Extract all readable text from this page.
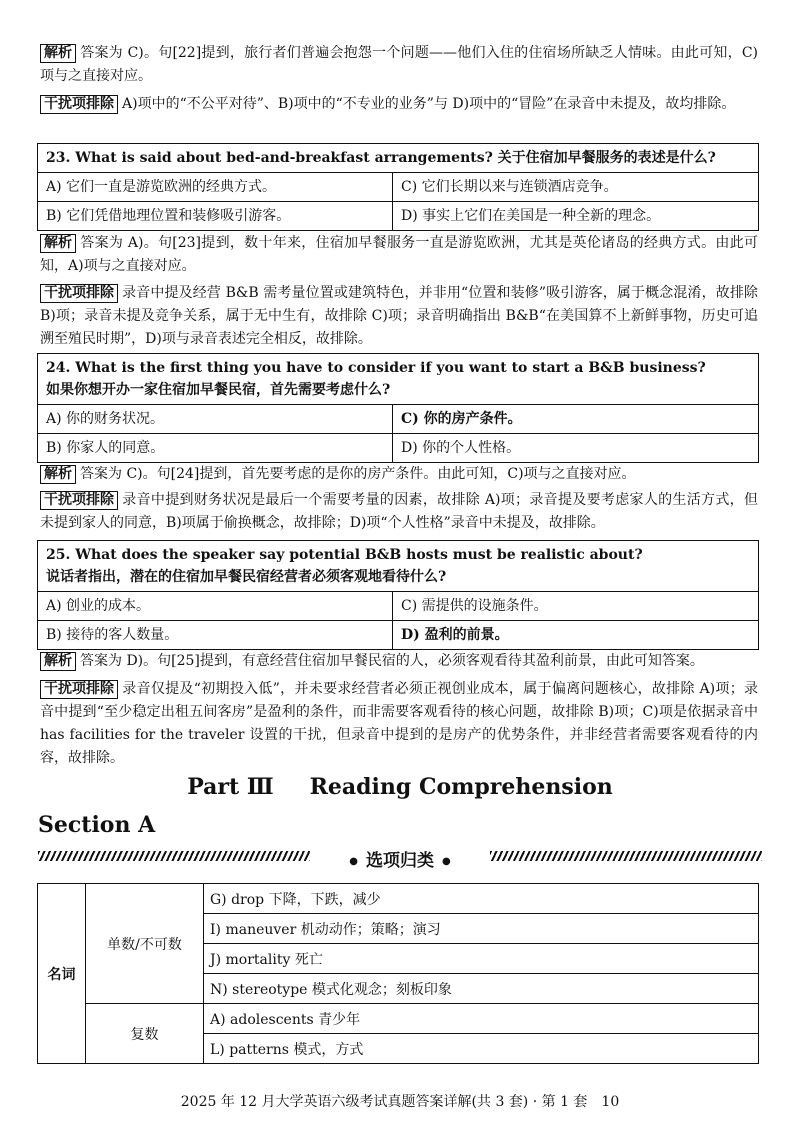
解析 答案为 C)。句[22]提到，旅行者们普遍会抱怨一个问题——他们入住的住宿场所缺乏人情味。由此可知，C)项与之直接对应。
干扰项排除 A)项中的“不公平对待”、B)项中的“不专业的业务”与 D)项中的“冒险”在录音中未提及，故均排除。
23. What is said about bed-and-breakfast arrangements? 关于住宿加早餐服务的表述是什么?
A) 它们一直是游览欧洲的经典方式。	C) 它们长期以来与连锁酒店竞争。
B) 它们凭借地理位置和装修吸引游客。	D) 事实上它们在美国是一种全新的理念。
解析 答案为 A)。句[23]提到，数十年来，住宿加早餐服务一直是游览欧洲，尤其是英伦诸岛的经典方式。由此可知，A)项与之直接对应。
干扰项排除 录音中提及经营 B&B 需考量位置或建筑特色，并非用“位置和装修”吸引游客，属于概念混淆，故排除 B)项；录音未提及竞争关系，属于无中生有，故排除 C)项；录音明确指出 B&B“在美国算不上新鲜事物，历史可追溯至殖民时期”，D)项与录音表述完全相反，故排除。
24. What is the first thing you have to consider if you want to start a B&B business?
如果你想开办一家住宿加早餐民宿，首先需要考虑什么?
A) 你的财务状况。	C) 你的房产条件。
B) 你家人的同意。	D) 你的个人性格。
解析 答案为 C)。句[24]提到，首先要考虑的是你的房产条件。由此可知，C)项与之直接对应。
干扰项排除 录音中提到财务状况是最后一个需要考量的因素，故排除 A)项；录音提及要考虑家人的生活方式，但未提到家人的同意，B)项属于偷换概念，故排除；D)项“个人性格”录音中未提及，故排除。
25. What does the speaker say potential B&B hosts must be realistic about?
说话者指出，潜在的住宿加早餐民宿经营者必须客观地看待什么?
A) 创业的成本。	C) 需提供的设施条件。
B) 接待的客人数量。	D) 盈利的前景。
解析 答案为 D)。句[25]提到，有意经营住宿加早餐民宿的人，必须客观看待其盈利前景，由此可知答案。
干扰项排除 录音仅提及“初期投入低”，并未要求经营者必须正视创业成本，属于偏离问题核心，故排除 A)项；录音中提到“至少稳定出租五间客房”是盈利的条件，而非需要客观看待的核心问题，故排除 B)项；C)项是依据录音中 has facilities for the traveler 设置的干扰，但录音中提到的是房产的优势条件，并非经营者需要客观看待的内容，故排除。
Part Ⅲ Reading Comprehension
Section A
● 选项归类 ●
名词	单数/不可数	G) drop 下降，下跌，减少
		I) maneuver 机动动作；策略；演习
		J) mortality 死亡
		N) stereotype 模式化观念；刻板印象
	复数	A) adolescents 青少年
		L) patterns 模式，方式
2025 年 12 月大学英语六级考试真题答案详解(共 3 套) · 第 1 套　10
